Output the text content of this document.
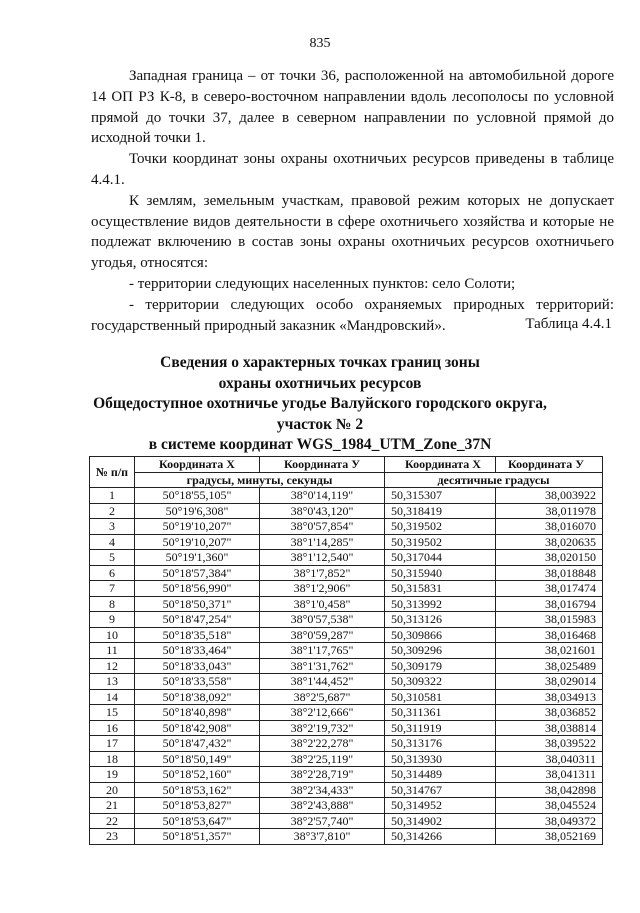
835

Западная граница – от точки 36, расположенной на автомобильной дороге 14 ОП РЗ К-8, в северо-восточном направлении вдоль лесополосы по условной прямой до точки 37, далее в северном направлении по условной прямой до исходной точки 1.

Точки координат зоны охраны охотничьих ресурсов приведены в таблице 4.4.1.

К землям, земельным участкам, правовой режим которых не допускает осуществление видов деятельности в сфере охотничьего хозяйства и которые не подлежат включению в состав зоны охраны охотничьих ресурсов охотничьего угодья, относятся:

- территории следующих населенных пунктов: село Солоти;

- территории следующих особо охраняемых природных территорий: государственный природный заказник «Мандровский».	Таблица 4.4.1
Сведения о характерных точках границ зоны
охраны охотничьих ресурсов
Общедоступное охотничье угодье Валуйского городского округа,
участок № 2
в системе координат WGS_1984_UTM_Zone_37N
№ п/п	Координата Х	Координата У	Координата Х	Координата У
	градусы, минуты, секунды		десятичные градусы	
1	50°18'55,105"	38°0'14,119"	50,315307	38,003922
2	50°19'6,308"	38°0'43,120"	50,318419	38,011978
3	50°19'10,207"	38°0'57,854"	50,319502	38,016070
4	50°19'10,207"	38°1'14,285"	50,319502	38,020635
5	50°19'1,360"	38°1'12,540"	50,317044	38,020150
6	50°18'57,384"	38°1'7,852"	50,315940	38,018848
7	50°18'56,990"	38°1'2,906"	50,315831	38,017474
8	50°18'50,371"	38°1'0,458"	50,313992	38,016794
9	50°18'47,254"	38°0'57,538"	50,313126	38,015983
10	50°18'35,518"	38°0'59,287"	50,309866	38,016468
11	50°18'33,464"	38°1'17,765"	50,309296	38,021601
12	50°18'33,043"	38°1'31,762"	50,309179	38,025489
13	50°18'33,558"	38°1'44,452"	50,309322	38,029014
14	50°18'38,092"	38°2'5,687"	50,310581	38,034913
15	50°18'40,898"	38°2'12,666"	50,311361	38,036852
16	50°18'42,908"	38°2'19,732"	50,311919	38,038814
17	50°18'47,432"	38°2'22,278"	50,313176	38,039522
18	50°18'50,149"	38°2'25,119"	50,313930	38,040311
19	50°18'52,160"	38°2'28,719"	50,314489	38,041311
20	50°18'53,162"	38°2'34,433"	50,314767	38,042898
21	50°18'53,827"	38°2'43,888"	50,314952	38,045524
22	50°18'53,647"	38°2'57,740"	50,314902	38,049372
23	50°18'51,357"	38°3'7,810"	50,314266	38,052169
